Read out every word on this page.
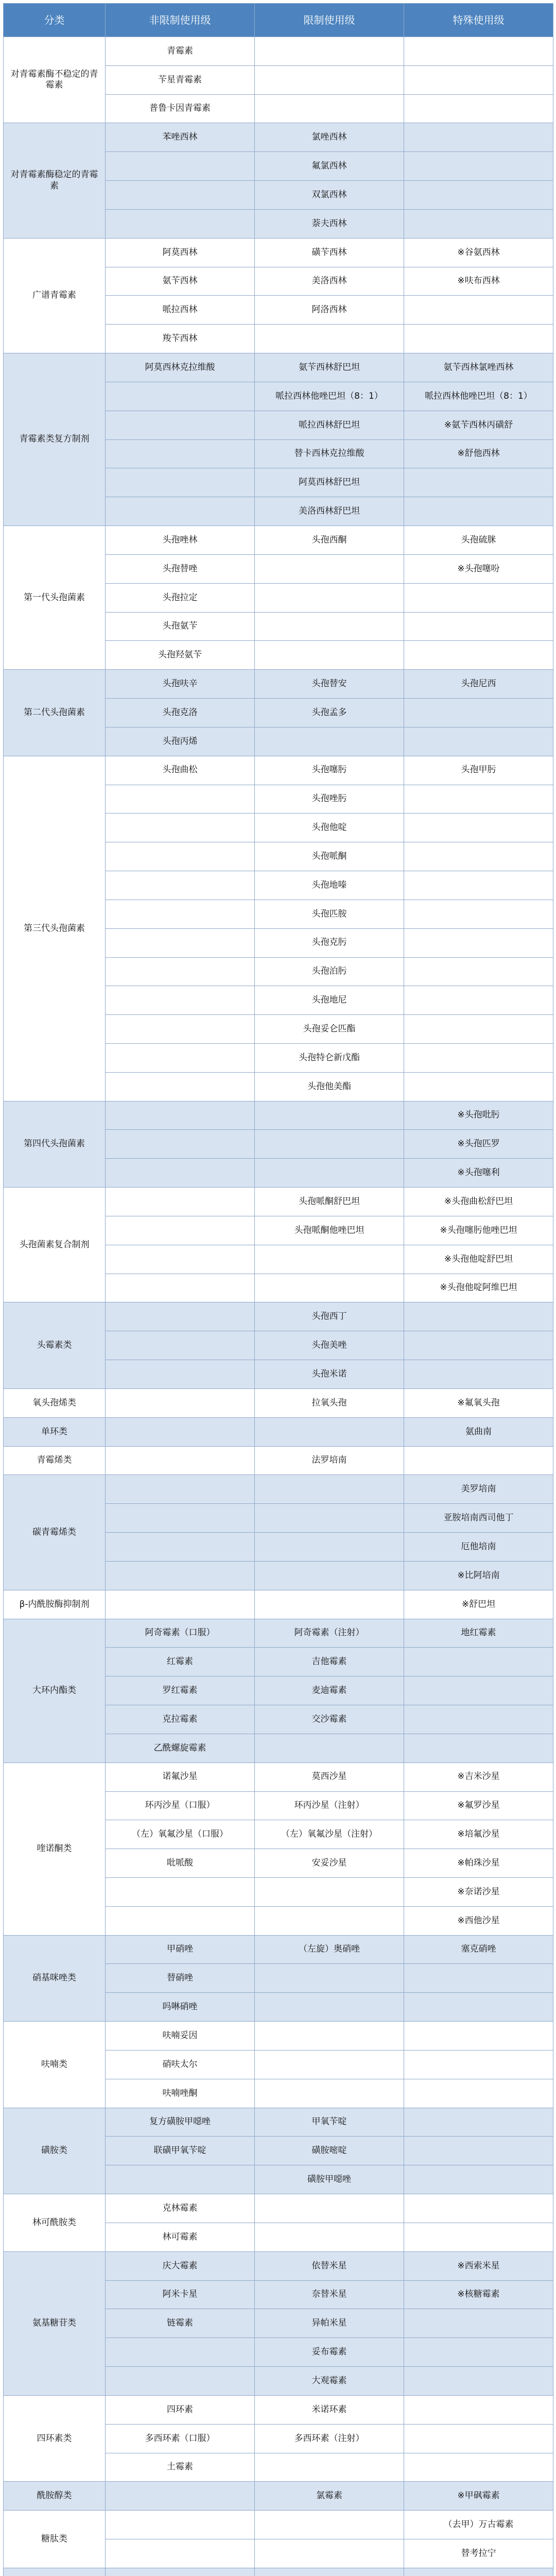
分类	非限制使用级	限制使用级	特殊使用级
对青霉素酶不稳定的青霉素	青霉素		
	苄星青霉素		
	普鲁卡因青霉素		
对青霉素酶稳定的青霉素	苯唑西林	氯唑西林	
		氟氯西林	
		双氯西林	
		萘夫西林	
广谱青霉素	阿莫西林	磺苄西林	※谷氨西林
	氨苄西林	美洛西林	※呋布西林
	哌拉西林	阿洛西林	
	羧苄西林		
青霉素类复方制剂	阿莫西林克拉维酸	氨苄西林舒巴坦	氨苄西林氯唑西林
		哌拉西林他唑巴坦（8：1）	哌拉西林他唑巴坦（8：1）
		哌拉西林舒巴坦	※氨苄西林丙磺舒
		替卡西林克拉维酸	※舒他西林
		阿莫西林舒巴坦	
		美洛西林舒巴坦	
第一代头孢菌素	头孢唑林	头孢西酮	头孢硫脒
	头孢替唑		※头孢噻吩
	头孢拉定		
	头孢氨苄		
	头孢羟氨苄		
第二代头孢菌素	头孢呋辛	头孢替安	头孢尼西
	头孢克洛	头孢孟多	
	头孢丙烯		
第三代头孢菌素	头孢曲松	头孢噻肟	头孢甲肟
		头孢唑肟	
		头孢他啶	
		头孢哌酮	
		头孢地嗪	
		头孢匹胺	
		头孢克肟	
		头孢泊肟	
		头孢地尼	
		头孢妥仑匹酯	
		头孢特仑新戊酯	
		头孢他美酯	
第四代头孢菌素			※头孢吡肟
			※头孢匹罗
			※头孢噻利
头孢菌素复合制剂		头孢哌酮舒巴坦	※头孢曲松舒巴坦
		头孢哌酮他唑巴坦	※头孢噻肟他唑巴坦
			※头孢他啶舒巴坦
			※头孢他啶阿维巴坦
头霉素类		头孢西丁	
		头孢美唑	
		头孢米诺	
氧头孢烯类		拉氧头孢	※氟氧头孢
单环类			氨曲南
青霉烯类		法罗培南	
碳青霉烯类			美罗培南
			亚胺培南西司他丁
			厄他培南
			※比阿培南
β-内酰胺酶抑制剂			※舒巴坦
大环内酯类	阿奇霉素（口服）	阿奇霉素（注射）	地红霉素
	红霉素	吉他霉素	
	罗红霉素	麦迪霉素	
	克拉霉素	交沙霉素	
	乙酰螺旋霉素		
喹诺酮类	诺氟沙星	莫西沙星	※吉米沙星
	环丙沙星（口服）	环丙沙星（注射）	※氟罗沙星
	（左）氧氟沙星（口服）	（左）氧氟沙星（注射）	※培氟沙星
	吡哌酸	安妥沙星	※帕珠沙星
			※奈诺沙星
			※西他沙星
硝基咪唑类	甲硝唑	（左旋）奥硝唑	塞克硝唑
	替硝唑		
	吗啉硝唑		
呋喃类	呋喃妥因		
	硝呋太尔		
	呋喃唑酮		
磺胺类	复方磺胺甲噁唑	甲氧苄啶	
	联磺甲氧苄啶	磺胺嘧啶	
		磺胺甲噁唑	
林可酰胺类	克林霉素		
	林可霉素		
氨基糖苷类	庆大霉素	依替米星	※西索米星
	阿米卡星	奈替米星	※核糖霉素
	链霉素	异帕米星	
		妥布霉素	
		大观霉素	
四环素类	四环素	米诺环素	
	多西环素（口服）	多西环素（注射）	
	土霉素		
酰胺醇类		氯霉素	※甲砜霉素
糖肽类			（去甲）万古霉素
			替考拉宁
